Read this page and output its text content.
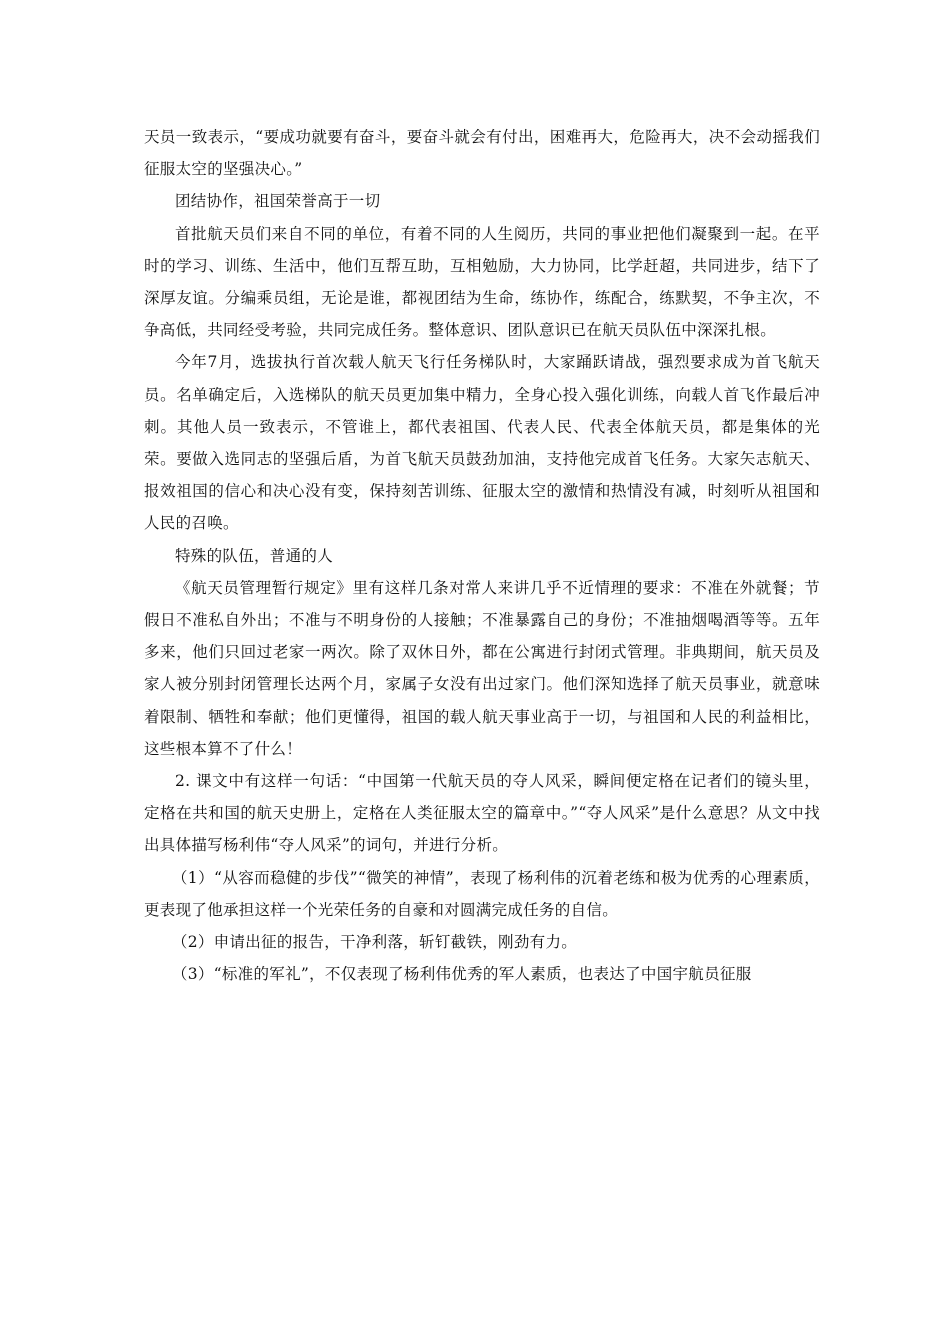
天员一致表示，“要成功就要有奋斗，要奋斗就会有付出，困难再大，危险再大，决不会动摇我们征服太空的坚强决心。”

团结协作，祖国荣誉高于一切

首批航天员们来自不同的单位，有着不同的人生阅历，共同的事业把他们凝聚到一起。在平时的学习、训练、生活中，他们互帮互助，互相勉励，大力协同，比学赶超，共同进步，结下了深厚友谊。分编乘员组，无论是谁，都视团结为生命，练协作，练配合，练默契，不争主次，不争高低，共同经受考验，共同完成任务。整体意识、团队意识已在航天员队伍中深深扎根。

今年7月，选拔执行首次载人航天飞行任务梯队时，大家踊跃请战，强烈要求成为首飞航天员。名单确定后，入选梯队的航天员更加集中精力，全身心投入强化训练，向载人首飞作最后冲刺。其他人员一致表示，不管谁上，都代表祖国、代表人民、代表全体航天员，都是集体的光荣。要做入选同志的坚强后盾，为首飞航天员鼓劲加油，支持他完成首飞任务。大家矢志航天、报效祖国的信心和决心没有变，保持刻苦训练、征服太空的激情和热情没有减，时刻听从祖国和人民的召唤。

特殊的队伍，普通的人

《航天员管理暂行规定》里有这样几条对常人来讲几乎不近情理的要求：不准在外就餐；节假日不准私自外出；不准与不明身份的人接触；不准暴露自己的身份；不准抽烟喝酒等等。五年多来，他们只回过老家一两次。除了双休日外，都在公寓进行封闭式管理。非典期间，航天员及家人被分别封闭管理长达两个月，家属子女没有出过家门。他们深知选择了航天员事业，就意味着限制、牺牲和奉献；他们更懂得，祖国的载人航天事业高于一切，与祖国和人民的利益相比，这些根本算不了什么！

2. 课文中有这样一句话：“中国第一代航天员的夺人风采，瞬间便定格在记者们的镜头里，定格在共和国的航天史册上，定格在人类征服太空的篇章中。”“夺人风采”是什么意思？从文中找出具体描写杨利伟“夺人风采”的词句，并进行分析。

（1）“从容而稳健的步伐”“微笑的神情”，表现了杨利伟的沉着老练和极为优秀的心理素质，更表现了他承担这样一个光荣任务的自豪和对圆满完成任务的自信。

（2）申请出征的报告，干净利落，斩钉截铁，刚劲有力。

（3）“标准的军礼”，不仅表现了杨利伟优秀的军人素质，也表达了中国宇航员征服
